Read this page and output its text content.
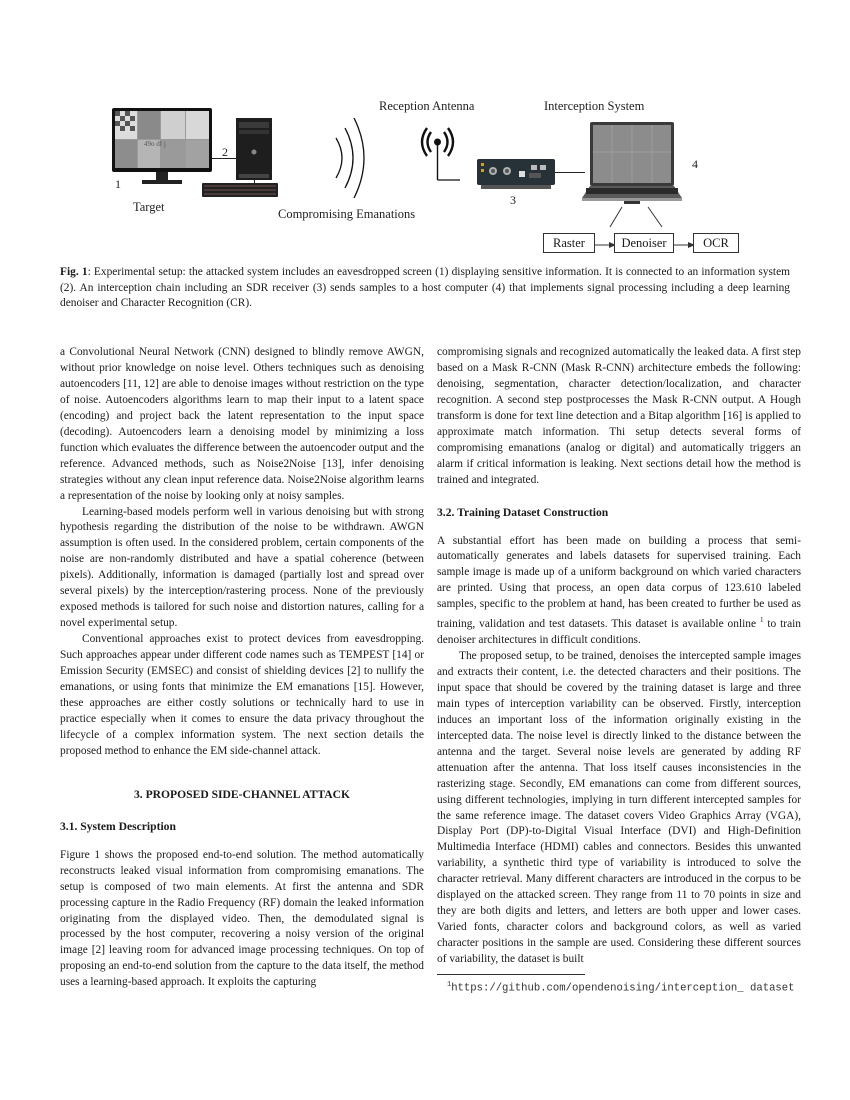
49o df j
1
2
Target	Compromising Emanations
Reception Antenna
3
Interception System
4
Raster	Denoiser	OCR
Fig. 1: Experimental setup: the attacked system includes an eavesdropped screen (1) displaying sensitive information. It is connected to an information system (2). An interception chain including an SDR receiver (3) sends samples to a host computer (4) that implements signal processing including a deep learning denoiser and Character Recognition (CR).

a Convolutional Neural Network (CNN) designed to blindly remove AWGN, without prior knowledge on noise level. Others techniques such as denoising autoencoders [11, 12] are able to denoise images without restriction on the type of noise. Autoencoders algorithms learn to map their input to a latent space (encoding) and project back the latent representation to the input space (decoding). Autoencoders learn a denoising model by minimizing a loss function which evaluates the difference between the autoencoder output and the reference. Advanced methods, such as Noise2Noise [13], infer denoising strategies without any clean input reference data. Noise2Noise algorithm learns a representation of the noise by looking only at noisy samples.

Learning-based models perform well in various denoising but with strong hypothesis regarding the distribution of the noise to be withdrawn. AWGN assumption is often used. In the considered problem, certain components of the noise are non-randomly distributed and have a spatial coherence (between pixels). Additionally, information is damaged (partially lost and spread over several pixels) by the interception/rastering process. None of the previously exposed methods is tailored for such noise and distortion natures, calling for a novel experimental setup.

Conventional approaches exist to protect devices from eavesdropping. Such approaches appear under different code names such as TEMPEST [14] or Emission Security (EMSEC) and consist of shielding devices [2] to nullify the emanations, or using fonts that minimize the EM emanations [15]. However, these approaches are either costly solutions or technically hard to use in practice especially when it comes to ensure the data privacy throughout the lifecycle of a complex information system. The next section details the proposed method to enhance the EM side-channel attack.

3. PROPOSED SIDE-CHANNEL ATTACK

3.1. System Description

Figure 1 shows the proposed end-to-end solution. The method automatically reconstructs leaked visual information from compromising emanations. The setup is composed of two main elements. At first the antenna and SDR processing capture in the Radio Frequency (RF) domain the leaked information originating from the displayed video. Then, the demodulated signal is processed by the host computer, recovering a noisy version of the original image [2] leaving room for advanced image processing techniques. On top of proposing an end-to-end solution from the capture to the data itself, the method uses a learning-based approach. It exploits the capturing

compromising signals and recognized automatically the leaked data. A first step based on a Mask R-CNN (Mask R-CNN) architecture embeds the following: denoising, segmentation, character detection/localization, and character recognition. A second step postprocesses the Mask R-CNN output. A Hough transform is done for text line detection and a Bitap algorithm [16] is applied to approximate match information. Thi setup detects several forms of compromising emanations (analog or digital) and automatically triggers an alarm if critical information is leaking. Next sections detail how the method is trained and integrated.

3.2. Training Dataset Construction

A substantial effort has been made on building a process that semi-automatically generates and labels datasets for supervised training. Each sample image is made up of a uniform background on which varied characters are printed. Using that process, an open data corpus of 123.610 labeled samples, specific to the problem at hand, has been created to further be used as training, validation and test datasets. This dataset is available online $^1$ to train denoiser architectures in difficult conditions.

The proposed setup, to be trained, denoises the intercepted sample images and extracts their content, i.e. the detected characters and their positions. The input space that should be covered by the training dataset is large and three main types of interception variability can be observed. Firstly, interception induces an important loss of the information originally existing in the intercepted data. The noise level is directly linked to the distance between the antenna and the target. Several noise levels are generated by adding RF attenuation after the antenna. That loss itself causes inconsistencies in the rasterizing stage. Secondly, EM emanations can come from different sources, using different technologies, implying in turn different intercepted samples for the same reference image. The dataset covers Video Graphics Array (VGA), Display Port (DP)-to-Digital Visual Interface (DVI) and High-Definition Multimedia Interface (HDMI) cables and connectors. Besides this unwanted variability, a synthetic third type of variability is introduced to solve the character retrieval. Many different characters are introduced in the corpus to be displayed on the attacked screen. They range from 11 to 70 points in size and they are both digits and letters, and letters are both upper and lower cases. Varied fonts, character colors and background colors, as well as varied character positions in the sample are used. Considering these different sources of variability, the dataset is built

$^1$https://github.com/opendenoising/interception_ dataset
